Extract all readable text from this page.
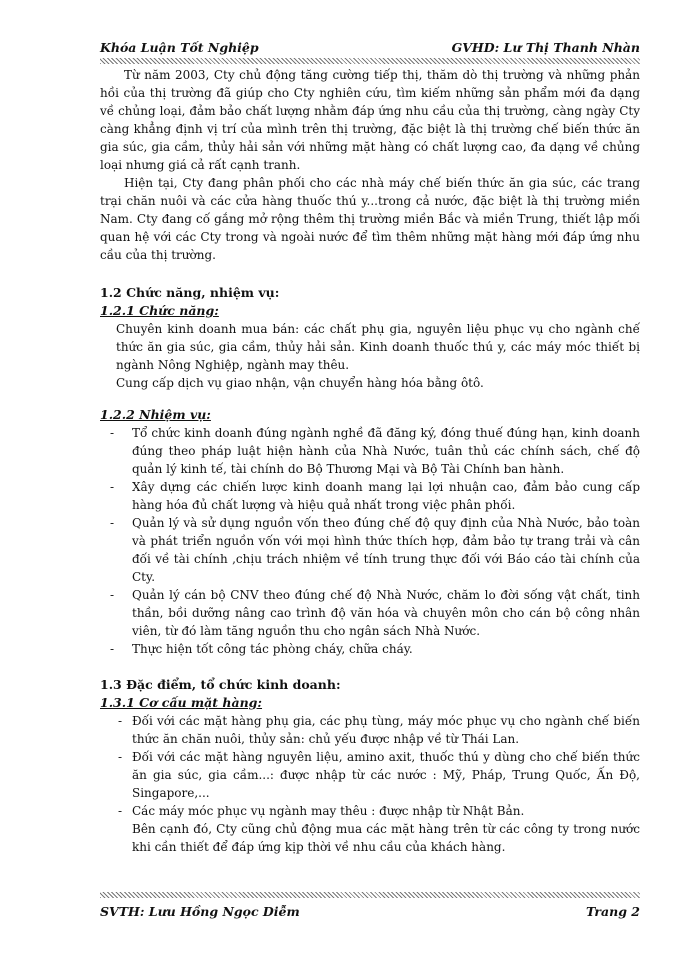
Khóa Luận Tốt Nghiệp	GVHD: Lư Thị Thanh Nhàn

Từ năm 2003, Cty chủ động tăng cường tiếp thị, thăm dò thị trường và những phản hồi của thị trường đã giúp cho Cty nghiên cứu, tìm kiếm những sản phẩm mới đa dạng về chủng loại, đảm bảo chất lượng nhằm đáp ứng nhu cầu của thị trường, càng ngày Cty càng khẳng định vị trí của mình trên thị trường, đặc biệt là thị trường chế biến thức ăn gia súc, gia cầm, thủy hải sản với những mặt hàng có chất lượng cao, đa dạng về chủng loại nhưng giá cả rất cạnh tranh.

Hiện tại, Cty đang phân phối cho các nhà máy chế biến thức ăn gia súc, các trang trại chăn nuôi và các cửa hàng thuốc thú y...trong cả nước, đặc biệt là thị trường miền Nam. Cty đang cố gắng mở rộng thêm thị trường miền Bắc và miền Trung, thiết lập mối quan hệ với các Cty trong và ngoài nước để tìm thêm những mặt hàng mới đáp ứng nhu cầu của thị trường.

1.2 Chức năng, nhiệm vụ:
1.2.1 Chức năng:

Chuyên kinh doanh mua bán: các chất phụ gia, nguyên liệu phục vụ cho ngành chế thức ăn gia súc, gia cầm, thủy hải sản. Kinh doanh thuốc thú y, các máy móc thiết bị ngành Nông Nghiệp, ngành may thêu.

Cung cấp dịch vụ giao nhận, vận chuyển hàng hóa bằng ôtô.

1.2.2 Nhiệm vụ:
- Tổ chức kinh doanh đúng ngành nghề đã đăng ký, đóng thuế đúng hạn, kinh doanh đúng theo pháp luật hiện hành của Nhà Nước, tuân thủ các chính sách, chế độ quản lý kinh tế, tài chính do Bộ Thương Mại và Bộ Tài Chính ban hành.
- Xây dựng các chiến lược kinh doanh mang lại lợi nhuận cao, đảm bảo cung cấp hàng hóa đủ chất lượng và hiệu quả nhất trong việc phân phối.
- Quản lý và sử dụng nguồn vốn theo đúng chế độ quy định của Nhà Nước, bảo toàn và phát triển nguồn vốn với mọi hình thức thích hợp, đảm bảo tự trang trải và cân đối về tài chính ,chịu trách nhiệm về tính trung thực đối với Báo cáo tài chính của Cty.
- Quản lý cán bộ CNV theo đúng chế độ Nhà Nước, chăm lo đời sống vật chất, tinh thần, bồi dưỡng nâng cao trình độ văn hóa và chuyên môn cho cán bộ công nhân viên, từ đó làm tăng nguồn thu cho ngân sách Nhà Nước.
- Thực hiện tốt công tác phòng cháy, chữa cháy.
1.3 Đặc điểm, tổ chức kinh doanh:
1.3.1 Cơ cấu mặt hàng:
- Đối với các mặt hàng phụ gia, các phụ tùng, máy móc phục vụ cho ngành chế biến thức ăn chăn nuôi, thủy sản: chủ yếu được nhập về từ Thái Lan.
- Đối với các mặt hàng nguyên liệu, amino axit, thuốc thú y dùng cho chế biến thức ăn gia súc, gia cầm...: được nhập từ các nước : Mỹ, Pháp, Trung Quốc, Ấn Độ, Singapore,...
- Các máy móc phục vụ ngành may thêu : được nhập từ Nhật Bản.

Bên cạnh đó, Cty cũng chủ động mua các mặt hàng trên từ các công ty trong nước khi cần thiết để đáp ứng kịp thời về nhu cầu của khách hàng.

SVTH: Lưu Hồng Ngọc Diễm	Trang 2
